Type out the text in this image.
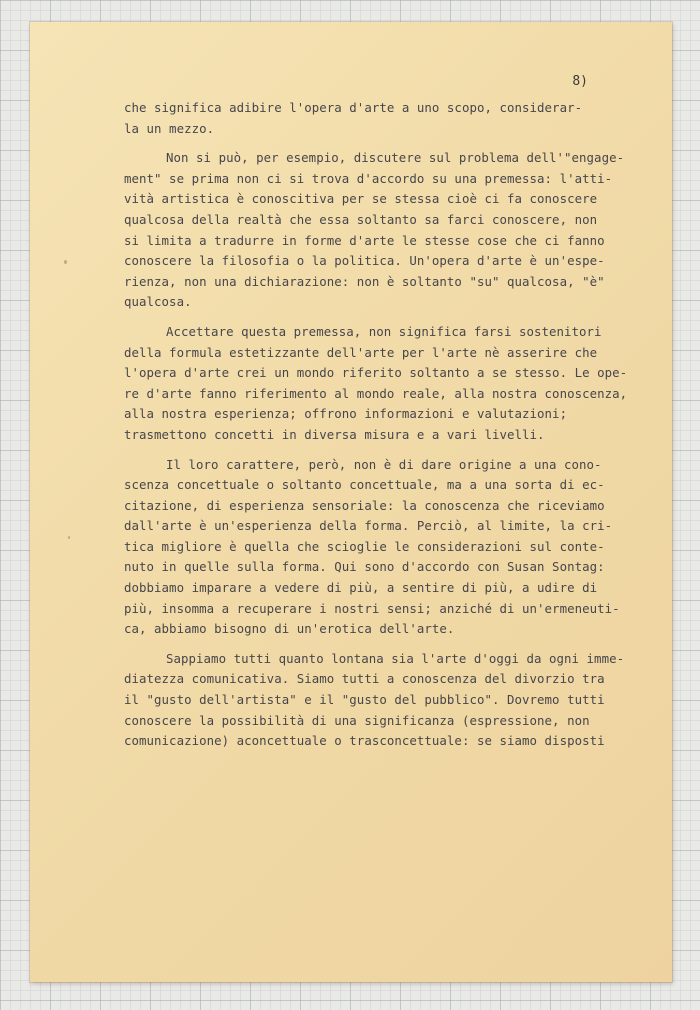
8)

che significa adibire l'opera d'arte a uno scopo, considerar-
la un mezzo.

Non si può, per esempio, discutere sul problema dell'"engage-
ment" se prima non ci si trova d'accordo su una premessa: l'atti-
vità artistica è conoscitiva per se stessa cioè ci fa conoscere
qualcosa della realtà che essa soltanto sa farci conoscere, non
si limita a tradurre in forme d'arte le stesse cose che ci fanno
conoscere la filosofia o la politica. Un'opera d'arte è un'espe-
rienza, non una dichiarazione: non è soltanto "su" qualcosa, "è"
qualcosa.

Accettare questa premessa, non significa farsi sostenitori
della formula estetizzante dell'arte per l'arte nè asserire che
l'opera d'arte crei un mondo riferito soltanto a se stesso. Le ope-
re d'arte fanno riferimento al mondo reale, alla nostra conoscenza,
alla nostra esperienza; offrono informazioni e valutazioni;
trasmettono concetti in diversa misura e a vari livelli.

Il loro carattere, però, non è di dare origine a una cono-
scenza concettuale o soltanto concettuale, ma a una sorta di ec-
citazione, di esperienza sensoriale: la conoscenza che riceviamo
dall'arte è un'esperienza della forma. Perciò, al limite, la cri-
tica migliore è quella che scioglie le considerazioni sul conte-
nuto in quelle sulla forma. Qui sono d'accordo con Susan Sontag:
dobbiamo imparare a vedere di più, a sentire di più, a udire di
più, insomma a recuperare i nostri sensi; anziché di un'ermeneuti-
ca, abbiamo bisogno di un'erotica dell'arte.

Sappiamo tutti quanto lontana sia l'arte d'oggi da ogni imme-
diatezza comunicativa. Siamo tutti a conoscenza del divorzio tra
il "gusto dell'artista" e il "gusto del pubblico". Dovremo tutti
conoscere la possibilità di una significanza (espressione, non
comunicazione) aconcettuale o trasconcettuale: se siamo disposti
